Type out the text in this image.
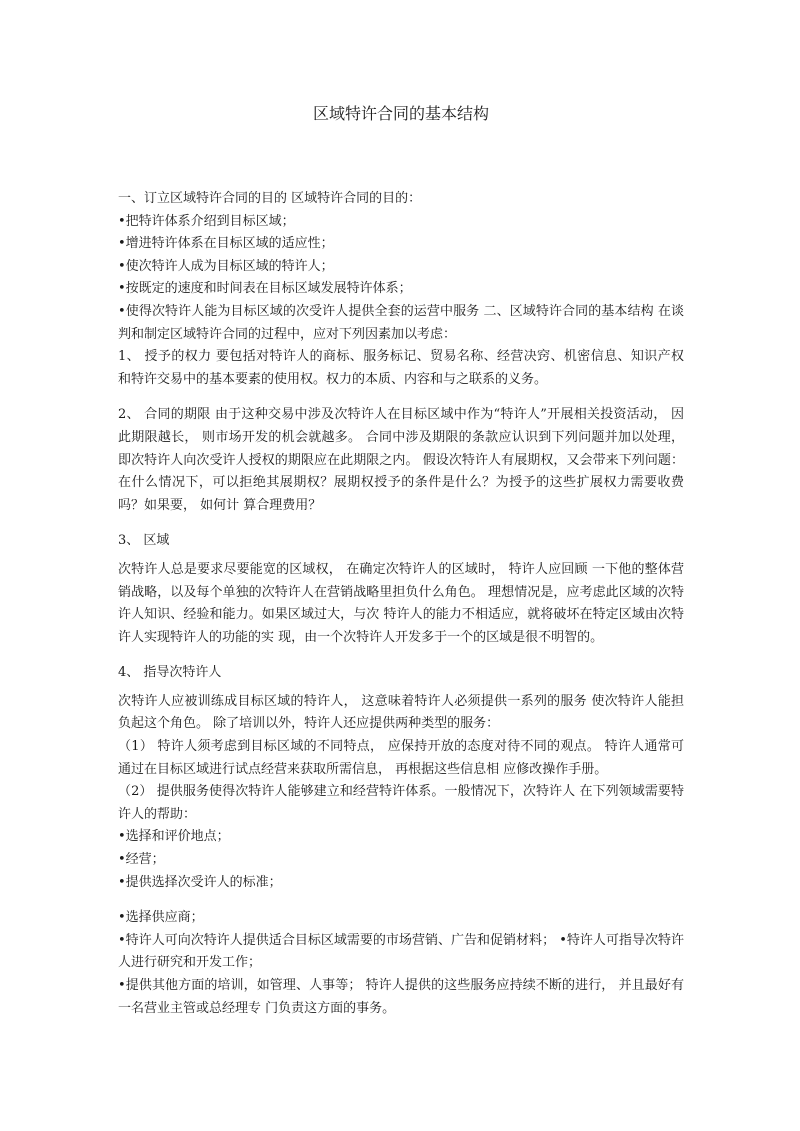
区域特许合同的基本结构

一、订立区域特许合同的目的 区域特许合同的目的：

•把特许体系介绍到目标区域；

•增进特许体系在目标区域的适应性；

•使次特许人成为目标区域的特许人；

•按既定的速度和时间表在目标区域发展特许体系；

•使得次特许人能为目标区域的次受许人提供全套的运营中服务 二、区域特许合同的基本结构 在谈判和制定区域特许合同的过程中，应对下列因素加以考虑：

1、 授予的权力 要包括对特许人的商标、服务标记、贸易名称、经营决窍、机密信息、知识产权 和特许交易中的基本要素的使用权。权力的本质、内容和与之联系的义务。

2、 合同的期限 由于这种交易中涉及次特许人在目标区域中作为“特许人”开展相关投资活动， 因此期限越长， 则市场开发的机会就越多。 合同中涉及期限的条款应认识到下列问题并加以处理，即次特许人向次受许人授权的期限应在此期限之内。 假设次特许人有展期权，又会带来下列问题：在什么情况下，可以拒绝其展期权？展期权授予的条件是什么？为授予的这些扩展权力需要收费吗？如果要， 如何计 算合理费用？

3、 区域

次特许人总是要求尽要能宽的区域权， 在确定次特许人的区域时， 特许人应回顾 一下他的整体营销战略，以及每个单独的次特许人在营销战略里担负什么角色。 理想情况是，应考虑此区域的次特许人知识、经验和能力。如果区域过大，与次 特许人的能力不相适应，就将破坏在特定区域由次特许人实现特许人的功能的实 现，由一个次特许人开发多于一个的区域是很不明智的。

4、 指导次特许人

次特许人应被训练成目标区域的特许人， 这意味着特许人必须提供一系列的服务 使次特许人能担负起这个角色。 除了培训以外，特许人还应提供两种类型的服务：

（1） 特许人须考虑到目标区域的不同特点， 应保持开放的态度对待不同的观点。 特许人通常可通过在目标区域进行试点经营来获取所需信息， 再根据这些信息相 应修改操作手册。

（2） 提供服务使得次特许人能够建立和经营特许体系。一般情况下，次特许人 在下列领域需要特许人的帮助：

•选择和评价地点；

•经营；

•提供选择次受许人的标准；

•选择供应商；

•特许人可向次特许人提供适合目标区域需要的市场营销、广告和促销材料； •特许人可指导次特许人进行研究和开发工作；

•提供其他方面的培训，如管理、人事等； 特许人提供的这些服务应持续不断的进行， 并且最好有一名营业主管或总经理专 门负责这方面的事务。
